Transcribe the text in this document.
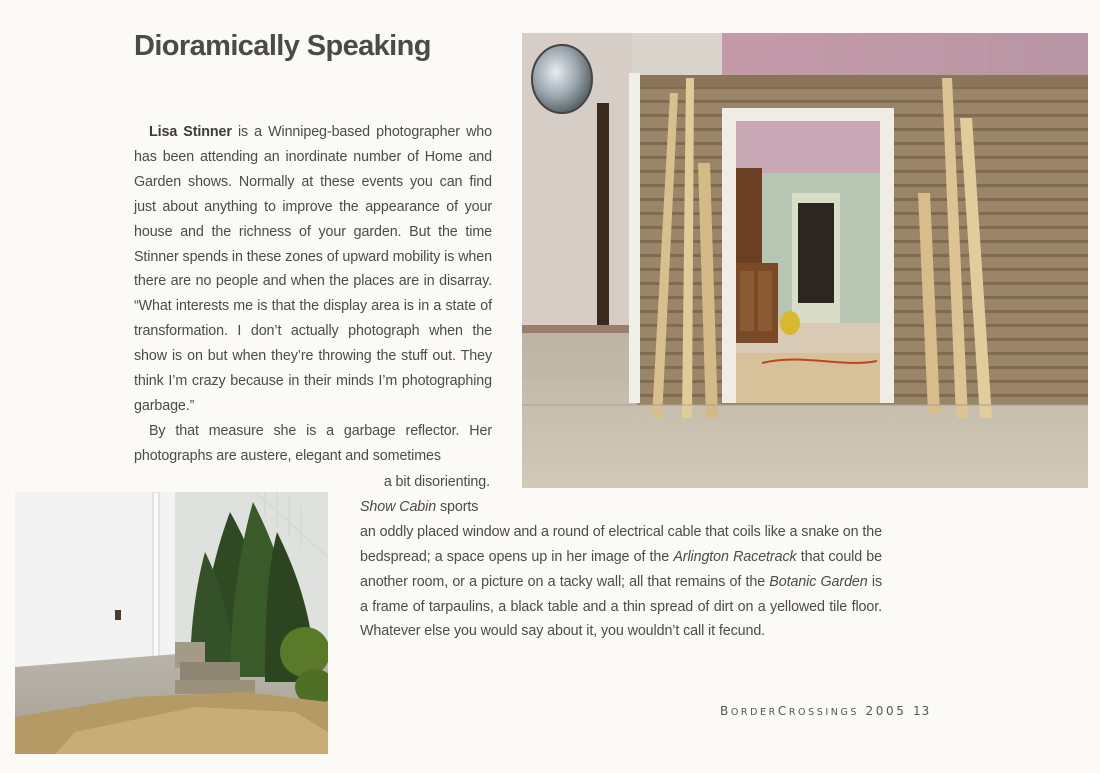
Dioramically Speaking

Lisa Stinner is a Winnipeg-based photographer who has been attending an inordinate number of Home and Garden shows. Normally at these events you can find just about anything to improve the appearance of your house and the richness of your garden. But the time Stinner spends in these zones of upward mobility is when there are no people and when the places are in disarray. “What interests me is that the display area is in a state of transformation. I don’t actually photograph when the show is on but when they’re throwing the stuff out. They think I’m crazy because in their minds I’m photographing garbage.”

By that measure she is a garbage reflector. Her photographs are austere, elegant and sometimes

a bit disorienting.

Show Cabin sports

an oddly placed window and a round of electrical cable that coils like a snake on the bedspread; a space opens up in her image of the Arlington Racetrack that could be another room, or a picture on a tacky wall; all that remains of the Botanic Garden is a frame of tarpaulins, a black table and a thin spread of dirt on a yellowed tile floor. Whatever else you would say about it, you wouldn’t call it fecund.

BORDERCROSSINGS 2005 13
